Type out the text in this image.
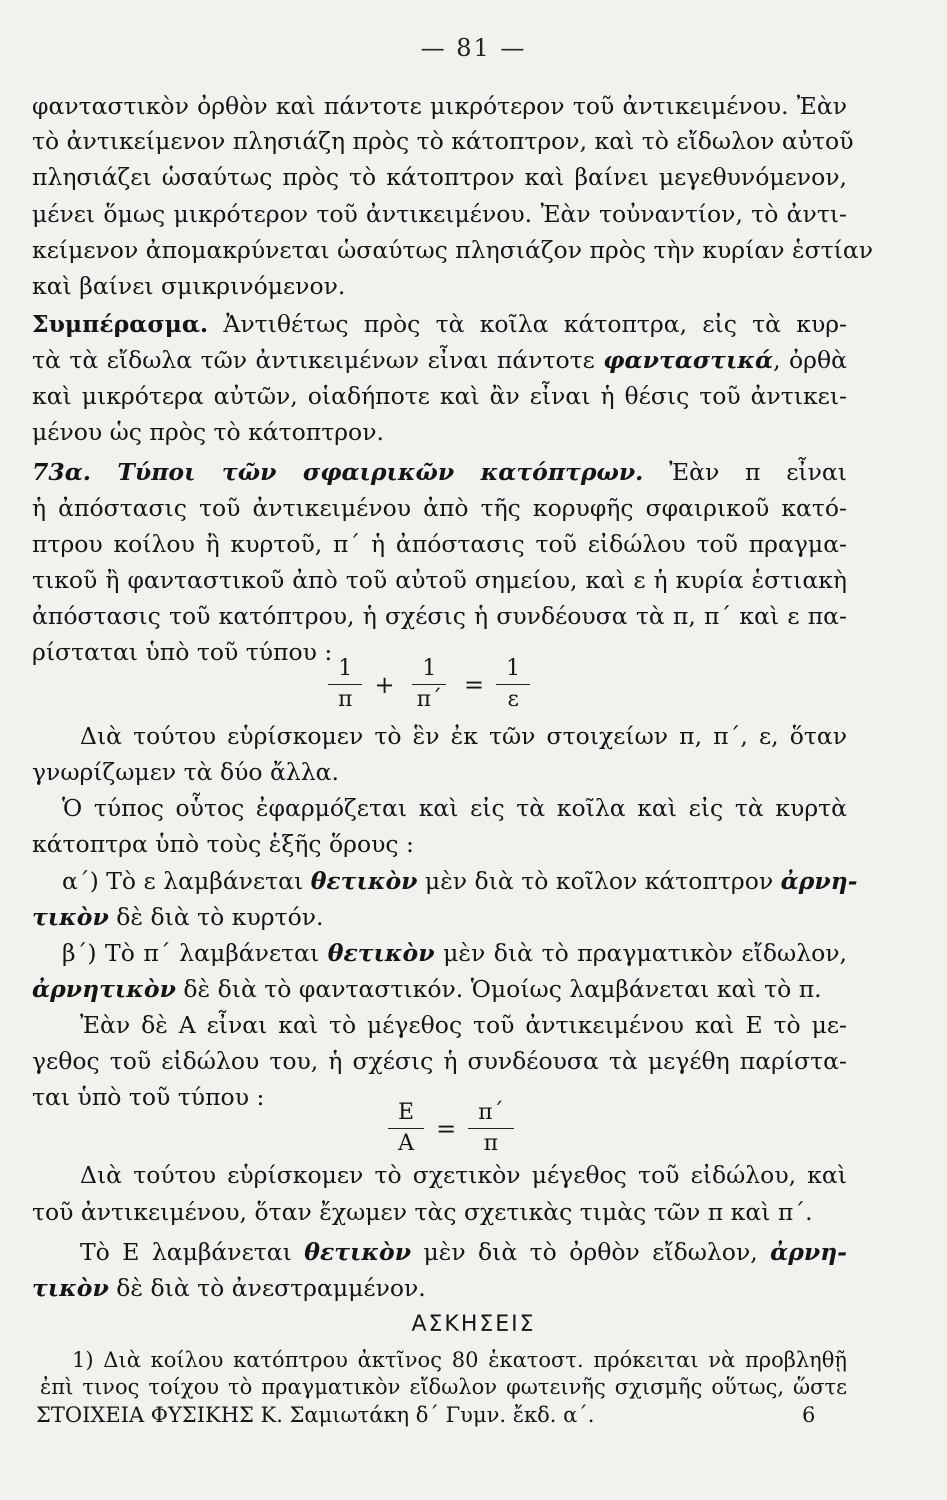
— 81 —
φανταστικὸν ὀρθὸν καὶ πάντοτε μικρότερον τοῦ ἀντικειμένου. Ἐὰν
τὸ ἀντικείμενον πλησιάζη πρὸς τὸ κάτοπτρον, καὶ τὸ εἴδωλον αὐτοῦ
πλησιάζει ὡσαύτως πρὸς τὸ κάτοπτρον καὶ βαίνει μεγεθυνόμενον,
μένει ὅμως μικρότερον τοῦ ἀντικειμένου. Ἐὰν τοὐναντίον, τὸ ἀντι-
κείμενον ἀπομακρύνεται ὡσαύτως πλησιάζον πρὸς τὴν κυρίαν ἑστίαν
καὶ βαίνει σμικρινόμενον.
Συμπέρασμα. Ἀντιθέτως πρὸς τὰ κοῖλα κάτοπτρα, εἰς τὰ κυρ-
τὰ τὰ εἴδωλα τῶν ἀντικειμένων εἶναι πάντοτε φανταστικά, ὀρθὰ
καὶ μικρότερα αὐτῶν, οἱαδήποτε καὶ ἂν εἶναι ἡ θέσις τοῦ ἀντικει-
μένου ὡς πρὸς τὸ κάτοπτρον.
73α. Τύποι τῶν σφαιρικῶν κατόπτρων. Ἐὰν π εἶναι
ἡ ἀπόστασις τοῦ ἀντικειμένου ἀπὸ τῆς κορυφῆς σφαιρικοῦ κατό-
πτρου κοίλου ἢ κυρτοῦ, π΄ ἡ ἀπόστασις τοῦ εἰδώλου τοῦ πραγμα-
τικοῦ ἢ φανταστικοῦ ἀπὸ τοῦ αὐτοῦ σημείου, καὶ ε ἡ κυρία ἑστιακὴ
ἀπόστασις τοῦ κατόπτρου, ἡ σχέσις ἡ συνδέουσα τὰ π, π΄ καὶ ε πα-
ρίσταται ὑπὸ τοῦ τύπου :
$\frac{1}{\pi} + \frac{1}{\pi΄} = \frac{1}{\varepsilon}$
Διὰ τούτου εὑρίσκομεν τὸ ἓν ἐκ τῶν στοιχείων π, π΄, ε, ὅταν
γνωρίζωμεν τὰ δύο ἄλλα.
Ὁ τύπος οὗτος ἐφαρμόζεται καὶ εἰς τὰ κοῖλα καὶ εἰς τὰ κυρτὰ
κάτοπτρα ὑπὸ τοὺς ἑξῆς ὅρους :
α΄) Τὸ ε λαμβάνεται θετικὸν μὲν διὰ τὸ κοῖλον κάτοπτρον ἀρνη-
τικὸν δὲ διὰ τὸ κυρτόν.
β΄) Τὸ π΄ λαμβάνεται θετικὸν μὲν διὰ τὸ πραγματικὸν εἴδωλον,
ἀρνητικὸν δὲ διὰ τὸ φανταστικόν. Ὁμοίως λαμβάνεται καὶ τὸ π.
Ἐὰν δὲ Α εἶναι καὶ τὸ μέγεθος τοῦ ἀντικειμένου καὶ Ε τὸ με-
γεθος τοῦ εἰδώλου του, ἡ σχέσις ἡ συνδέουσα τὰ μεγέθη παρίστα-
ται ὑπὸ τοῦ τύπου :
$\frac{E}{A} = \frac{\pi΄}{\pi}$
Διὰ τούτου εὑρίσκομεν τὸ σχετικὸν μέγεθος τοῦ εἰδώλου, καὶ
τοῦ ἀντικειμένου, ὅταν ἔχωμεν τὰς σχετικὰς τιμὰς τῶν π καὶ π΄.
Τὸ Ε λαμβάνεται θετικὸν μὲν διὰ τὸ ὀρθὸν εἴδωλον, ἀρνη-
τικὸν δὲ διὰ τὸ ἀνεστραμμένον.
ΑΣΚΗΣΕΙΣ
1) Διὰ κοίλου κατόπτρου ἀκτῖνος 80 ἑκατοστ. πρόκειται νὰ προβληθῇ
ἐπὶ τινος τοίχου τὸ πραγματικὸν εἴδωλον φωτεινῆς σχισμῆς οὕτως, ὥστε
ΣΤΟΙΧΕΙΑ ΦΥΣΙΚΗΣ Κ. Σαμιωτάκη δ΄ Γυμν. ἔκδ. α΄.	6
